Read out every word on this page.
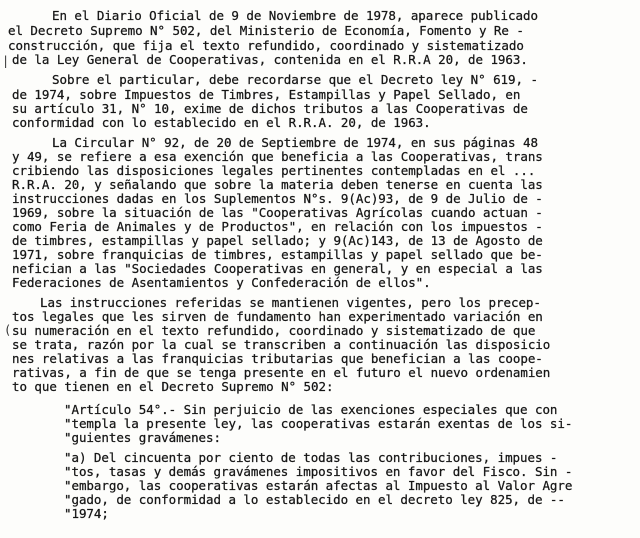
En el Diario Oficial de 9 de Noviembre de 1978, aparece publicado
el Decreto Supremo N° 502, del Ministerio de Economía, Fomento y Re -
construcción, que fija el texto refundido, coordinado y sistematizado
de la Ley General de Cooperativas, contenida en el R.R.A 20, de 1963.
|
Sobre el particular, debe recordarse que el Decreto ley N° 619, -
de 1974, sobre Impuestos de Timbres, Estampillas y Papel Sellado, en
su artículo 31, N° 10, exime de dichos tributos a las Cooperativas de
conformidad con lo establecido en el R.R.A. 20, de 1963.
La Circular N° 92, de 20 de Septiembre de 1974, en sus páginas 48
y 49, se refiere a esa exención que beneficia a las Cooperativas, trans
cribiendo las disposiciones legales pertinentes contempladas en el ...
R.R.A. 20, y señalando que sobre la materia deben tenerse en cuenta las
instrucciones dadas en los Suplementos N°s. 9(Ac)93, de 9 de Julio de -
1969, sobre la situación de las "Cooperativas Agrícolas cuando actuan -
como Feria de Animales y de Productos", en relación con los impuestos -
de timbres, estampillas y papel sellado; y 9(Ac)143, de 13 de Agosto de
1971, sobre franquicias de timbres, estampillas y papel sellado que be-
nefician a las "Sociedades Cooperativas en general, y en especial a las
Federaciones de Asentamientos y Confederación de ellos".
Las instrucciones referidas se mantienen vigentes, pero los precep-
tos legales que les sirven de fundamento han experimentado variación en
su numeración en el texto refundido, coordinado y sistematizado de que
(
se trata, razón por la cual se transcriben a continuación las disposicio
nes relativas a las franquicias tributarias que benefician a las coope-
rativas, a fin de que se tenga presente en el futuro el nuevo ordenamien
to que tienen en el Decreto Supremo N° 502:
"Artículo 54°.- Sin perjuicio de las exenciones especiales que con
"templa la presente ley, las cooperativas estarán exentas de los si-
"guientes gravámenes:
"a) Del cincuenta por ciento de todas las contribuciones, impues -
"tos, tasas y demás gravámenes impositivos en favor del Fisco. Sin -
"embargo, las cooperativas estarán afectas al Impuesto al Valor Agre
"gado, de conformidad a lo establecido en el decreto ley 825, de --
"1974;
